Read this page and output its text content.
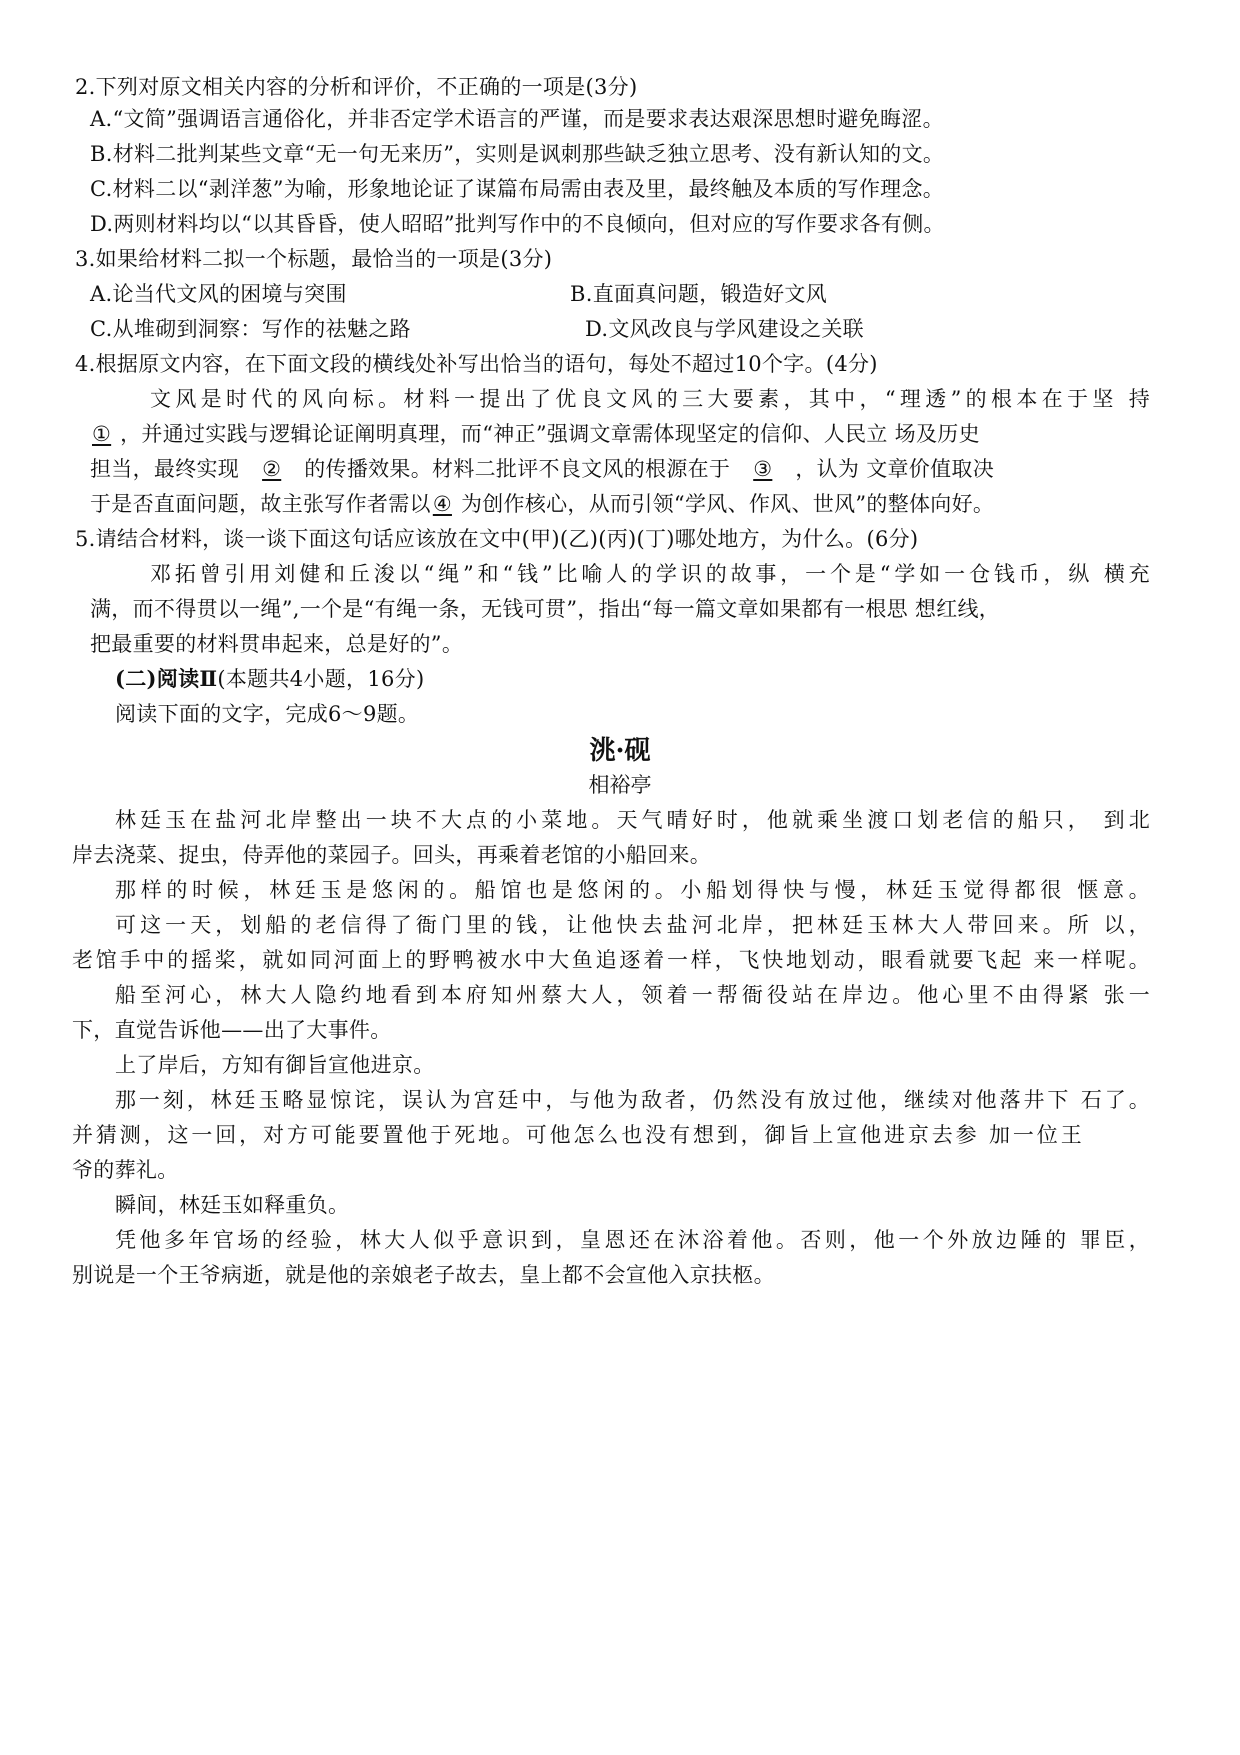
2.下列对原文相关内容的分析和评价，不正确的一项是(3分)
A.“文简”强调语言通俗化，并非否定学术语言的严谨，而是要求表达艰深思想时避免晦涩。
B.材料二批判某些文章“无一句无来历”，实则是讽刺那些缺乏独立思考、没有新认知的文。
C.材料二以“剥洋葱”为喻，形象地论证了谋篇布局需由表及里，最终触及本质的写作理念。
D.两则材料均以“以其昏昏，使人昭昭”批判写作中的不良倾向，但对应的写作要求各有侧。
3.如果给材料二拟一个标题，最恰当的一项是(3分)
A.论当代文风的困境与突围	B.直面真问题，锻造好文风
C.从堆砌到洞察：写作的祛魅之路	D.文风改良与学风建设之关联
4.根据原文内容，在下面文段的横线处补写出恰当的语句，每处不超过10个字。(4分)
文风是时代的风向标。材料一提出了优良文风的三大要素，其中，“理透”的根本在于坚 持
① ，并通过实践与逻辑论证阐明真理，而“神正”强调文章需体现坚定的信仰、人民立 场及历史
担当，最终实现 ② 的传播效果。材料二批评不良文风的根源在于 ③ ，认为 文章价值取决
于是否直面问题，故主张写作者需以④ 为创作核心，从而引领“学风、作风、世风”的整体向好。
5.请结合材料，谈一谈下面这句话应该放在文中(甲)(乙)(丙)(丁)哪处地方，为什么。(6分)
邓拓曾引用刘健和丘浚以“绳”和“钱”比喻人的学识的故事，一个是“学如一仓钱币，纵 横充
满，而不得贯以一绳”,一个是“有绳一条，无钱可贯”，指出“每一篇文章如果都有一根思 想红线，
把最重要的材料贯串起来，总是好的”。
(二)阅读Ⅱ(本题共4小题，16分)
阅读下面的文字，完成6～9题。
洮·砚
相裕亭
林廷玉在盐河北岸整出一块不大点的小菜地。天气晴好时，他就乘坐渡口划老信的船只， 到北
岸去浇菜、捉虫，侍弄他的菜园子。回头，再乘着老馆的小船回来。
那样的时候，林廷玉是悠闲的。船馆也是悠闲的。小船划得快与慢，林廷玉觉得都很 惬意。
可这一天，划船的老信得了衙门里的钱，让他快去盐河北岸，把林廷玉林大人带回来。所 以，
老馆手中的摇桨，就如同河面上的野鸭被水中大鱼追逐着一样，飞快地划动，眼看就要飞起 来一样呢。
船至河心，林大人隐约地看到本府知州蔡大人，领着一帮衙役站在岸边。他心里不由得紧 张一
下，直觉告诉他——出了大事件。
上了岸后，方知有御旨宣他进京。
那一刻，林廷玉略显惊诧，误认为宫廷中，与他为敌者，仍然没有放过他，继续对他落井下 石了。
并猜测，这一回，对方可能要置他于死地。可他怎么也没有想到，御旨上宣他进京去参 加一位王
爷的葬礼。
瞬间，林廷玉如释重负。
凭他多年官场的经验，林大人似乎意识到，皇恩还在沐浴着他。否则，他一个外放边陲的 罪臣，
别说是一个王爷病逝，就是他的亲娘老子故去，皇上都不会宣他入京扶柩。
